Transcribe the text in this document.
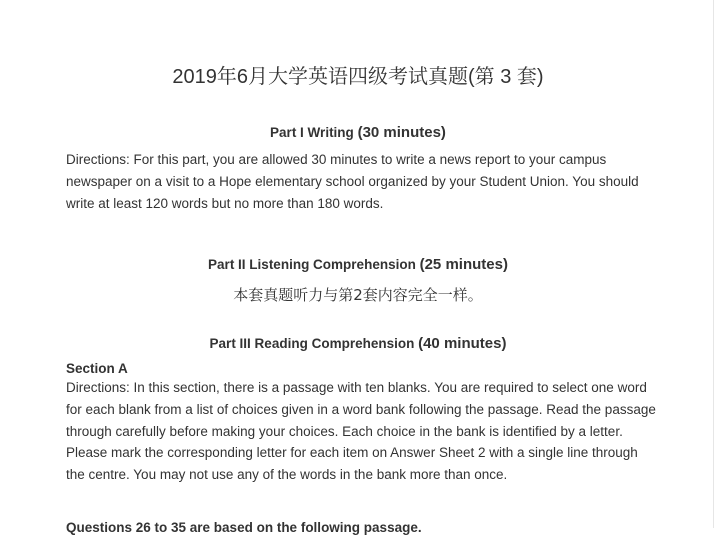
2019年6月大学英语四级考试真题(第 3 套)
Part I Writing (30 minutes)
Directions: For this part, you are allowed 30 minutes to write a news report to your campus newspaper on a visit to a Hope elementary school organized by your Student Union. You should write at least 120 words but no more than 180 words.
Part II Listening Comprehension (25 minutes)
本套真题听力与第2套内容完全一样。
Part III Reading Comprehension (40 minutes)
Section A
Directions: In this section, there is a passage with ten blanks. You are required to select one word for each blank from a list of choices given in a word bank following the passage. Read the passage through carefully before making your choices. Each choice in the bank is identified by a letter. Please mark the corresponding letter for each item on Answer Sheet 2 with a single line through the centre. You may not use any of the words in the bank more than once.
Questions 26 to 35 are based on the following passage.
